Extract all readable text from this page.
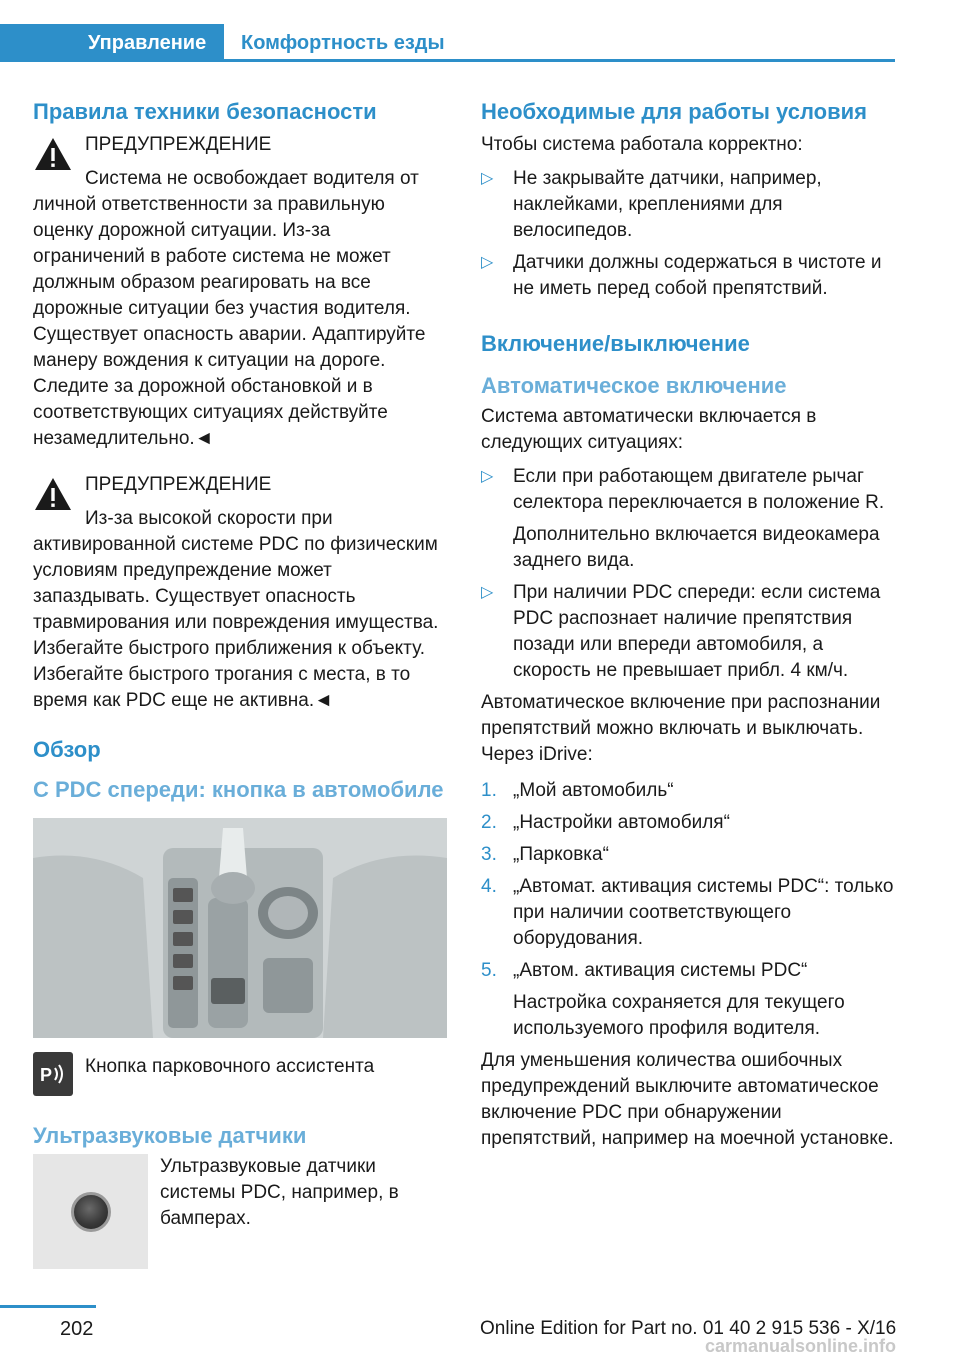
Управление	Комфортность езды
Правила техники безопасности

ПРЕДУПРЕЖДЕНИЕ

Система не освобождает водителя от личной ответственности за правильную оценку дорожной ситуации. Из-за ограничений в работе система не может должным образом реагировать на все дорожные ситуации без участия водителя. Существует опасность аварии. Адаптируйте манеру вождения к ситуации на дороге. Следите за дорожной обстановкой и в соответствующих ситуациях действуйте незамедлительно.◄

ПРЕДУПРЕЖДЕНИЕ

Из-за высокой скорости при активированной системе PDC по физическим условиям предупреждение может запаздывать. Существует опасность травмирования или повреждения имущества. Избегайте быстрого приближения к объекту. Избегайте быстрого трогания с места, в то время как PDC еще не активна.◄

Обзор
С PDC спереди: кнопка в автомобиле
P Кнопка парковочного ассистента

Ультразвуковые датчики

Ультразвуковые датчики системы PDC, например, в бамперах.

Необходимые для работы условия

Чтобы система работала корректно:

▷ Не закрывайте датчики, например, наклейками, креплениями для велосипедов.
▷ Датчики должны содержаться в чистоте и не иметь перед собой препятствий.
Включение/выключение
Автоматическое включение

Система автоматически включается в следующих ситуациях:

▷ Если при работающем двигателе рычаг селектора переключается в положение R.

Дополнительно включается видеокамера заднего вида.

▷ При наличии PDC спереди: если система PDC распознает наличие препятствия позади или впереди автомобиля, а скорость не превышает прибл. 4 км/ч.

Автоматическое включение при распознании препятствий можно включать и выключать. Через iDrive:

1. „Мой автомобиль“
2. „Настройки автомобиля“
3. „Парковка“
4. „Автомат. активация системы PDC“: только при наличии соответствующего оборудования.
5. „Автом. активация системы PDC“

Настройка сохраняется для текущего используемого профиля водителя.

Для уменьшения количества ошибочных предупреждений выключите автоматическое включение PDC при обнаружении препятствий, например на моечной установке.

202	Online Edition for Part no. 01 40 2 915 536 - X/16
carmanualsonline.info
